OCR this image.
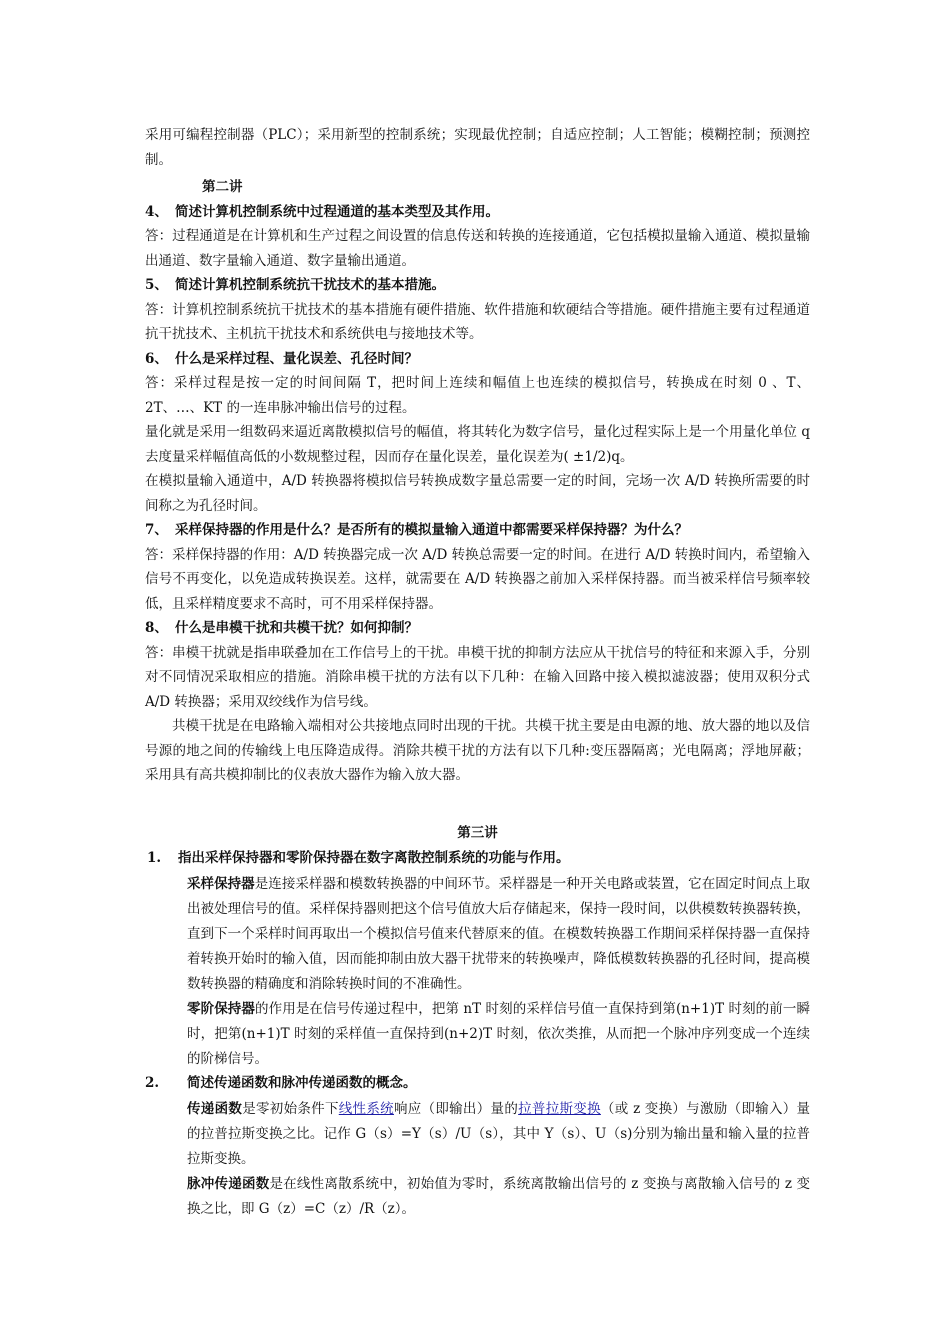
采用可编程控制器（PLC）；采用新型的控制系统；实现最优控制；自适应控制；人工智能；模糊控制；预测控制。

第二讲

4、 简述计算机控制系统中过程通道的基本类型及其作用。

答：过程通道是在计算机和生产过程之间设置的信息传送和转换的连接通道，它包括模拟量输入通道、模拟量输出通道、数字量输入通道、数字量输出通道。

5、 简述计算机控制系统抗干扰技术的基本措施。

答：计算机控制系统抗干扰技术的基本措施有硬件措施、软件措施和软硬结合等措施。硬件措施主要有过程通道抗干扰技术、主机抗干扰技术和系统供电与接地技术等。

6、 什么是采样过程、量化误差、孔径时间？

答：采样过程是按一定的时间间隔 T，把时间上连续和幅值上也连续的模拟信号，转换成在时刻 0 、T、2T、…、KT 的一连串脉冲输出信号的过程。

量化就是采用一组数码来逼近离散模拟信号的幅值，将其转化为数字信号，量化过程实际上是一个用量化单位 q 去度量采样幅值高低的小数规整过程，因而存在量化误差，量化误差为( ±1/2)q。

在模拟量输入通道中，A/D 转换器将模拟信号转换成数字量总需要一定的时间，完场一次 A/D 转换所需要的时间称之为孔径时间。

7、 采样保持器的作用是什么？是否所有的模拟量输入通道中都需要采样保持器？为什么？

答：采样保持器的作用：A/D 转换器完成一次 A/D 转换总需要一定的时间。在进行 A/D 转换时间内，希望输入信号不再变化，以免造成转换误差。这样，就需要在 A/D 转换器之前加入采样保持器。而当被采样信号频率较低，且采样精度要求不高时，可不用采样保持器。

8、 什么是串模干扰和共模干扰？如何抑制？

答：串模干扰就是指串联叠加在工作信号上的干扰。串模干扰的抑制方法应从干扰信号的特征和来源入手，分别对不同情况采取相应的措施。消除串模干扰的方法有以下几种：在输入回路中接入模拟滤波器；使用双积分式 A/D 转换器；采用双绞线作为信号线。

共模干扰是在电路输入端相对公共接地点同时出现的干扰。共模干扰主要是由电源的地、放大器的地以及信号源的地之间的传输线上电压降造成得。消除共模干扰的方法有以下几种:变压器隔离；光电隔离；浮地屏蔽；采用具有高共模抑制比的仪表放大器作为输入放大器。

第三讲

1. 指出采样保持器和零阶保持器在数字离散控制系统的功能与作用。

采样保持器是连接采样器和模数转换器的中间环节。采样器是一种开关电路或装置，它在固定时间点上取出被处理信号的值。采样保持器则把这个信号值放大后存储起来，保持一段时间，以供模数转换器转换，直到下一个采样时间再取出一个模拟信号值来代替原来的值。在模数转换器工作期间采样保持器一直保持着转换开始时的输入值，因而能抑制由放大器干扰带来的转换噪声，降低模数转换器的孔径时间，提高模数转换器的精确度和消除转换时间的不准确性。

零阶保持器的作用是在信号传递过程中，把第 nT 时刻的采样信号值一直保持到第(n+1)T 时刻的前一瞬时，把第(n+1)T 时刻的采样值一直保持到(n+2)T 时刻，依次类推，从而把一个脉冲序列变成一个连续的阶梯信号。

2. 简述传递函数和脉冲传递函数的概念。

传递函数是零初始条件下线性系统响应（即输出）量的拉普拉斯变换（或 z 变换）与激励（即输入）量的拉普拉斯变换之比。记作 G（s）=Y（s）/U（s），其中 Y（s）、U（s)分别为输出量和输入量的拉普拉斯变换。

脉冲传递函数是在线性离散系统中，初始值为零时，系统离散输出信号的 z 变换与离散输入信号的 z 变换之比，即 G（z）=C（z）/R（z）。
